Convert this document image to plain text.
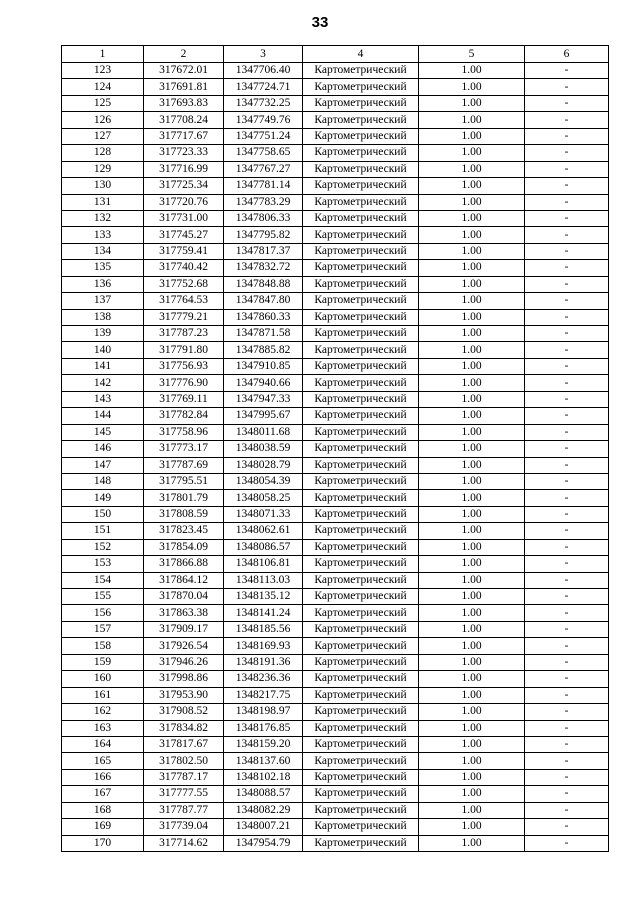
33
1	2	3	4	5	6
123	317672.01	1347706.40	Картометрический	1.00	-
124	317691.81	1347724.71	Картометрический	1.00	-
125	317693.83	1347732.25	Картометрический	1.00	-
126	317708.24	1347749.76	Картометрический	1.00	-
127	317717.67	1347751.24	Картометрический	1.00	-
128	317723.33	1347758.65	Картометрический	1.00	-
129	317716.99	1347767.27	Картометрический	1.00	-
130	317725.34	1347781.14	Картометрический	1.00	-
131	317720.76	1347783.29	Картометрический	1.00	-
132	317731.00	1347806.33	Картометрический	1.00	-
133	317745.27	1347795.82	Картометрический	1.00	-
134	317759.41	1347817.37	Картометрический	1.00	-
135	317740.42	1347832.72	Картометрический	1.00	-
136	317752.68	1347848.88	Картометрический	1.00	-
137	317764.53	1347847.80	Картометрический	1.00	-
138	317779.21	1347860.33	Картометрический	1.00	-
139	317787.23	1347871.58	Картометрический	1.00	-
140	317791.80	1347885.82	Картометрический	1.00	-
141	317756.93	1347910.85	Картометрический	1.00	-
142	317776.90	1347940.66	Картометрический	1.00	-
143	317769.11	1347947.33	Картометрический	1.00	-
144	317782.84	1347995.67	Картометрический	1.00	-
145	317758.96	1348011.68	Картометрический	1.00	-
146	317773.17	1348038.59	Картометрический	1.00	-
147	317787.69	1348028.79	Картометрический	1.00	-
148	317795.51	1348054.39	Картометрический	1.00	-
149	317801.79	1348058.25	Картометрический	1.00	-
150	317808.59	1348071.33	Картометрический	1.00	-
151	317823.45	1348062.61	Картометрический	1.00	-
152	317854.09	1348086.57	Картометрический	1.00	-
153	317866.88	1348106.81	Картометрический	1.00	-
154	317864.12	1348113.03	Картометрический	1.00	-
155	317870.04	1348135.12	Картометрический	1.00	-
156	317863.38	1348141.24	Картометрический	1.00	-
157	317909.17	1348185.56	Картометрический	1.00	-
158	317926.54	1348169.93	Картометрический	1.00	-
159	317946.26	1348191.36	Картометрический	1.00	-
160	317998.86	1348236.36	Картометрический	1.00	-
161	317953.90	1348217.75	Картометрический	1.00	-
162	317908.52	1348198.97	Картометрический	1.00	-
163	317834.82	1348176.85	Картометрический	1.00	-
164	317817.67	1348159.20	Картометрический	1.00	-
165	317802.50	1348137.60	Картометрический	1.00	-
166	317787.17	1348102.18	Картометрический	1.00	-
167	317777.55	1348088.57	Картометрический	1.00	-
168	317787.77	1348082.29	Картометрический	1.00	-
169	317739.04	1348007.21	Картометрический	1.00	-
170	317714.62	1347954.79	Картометрический	1.00	-
